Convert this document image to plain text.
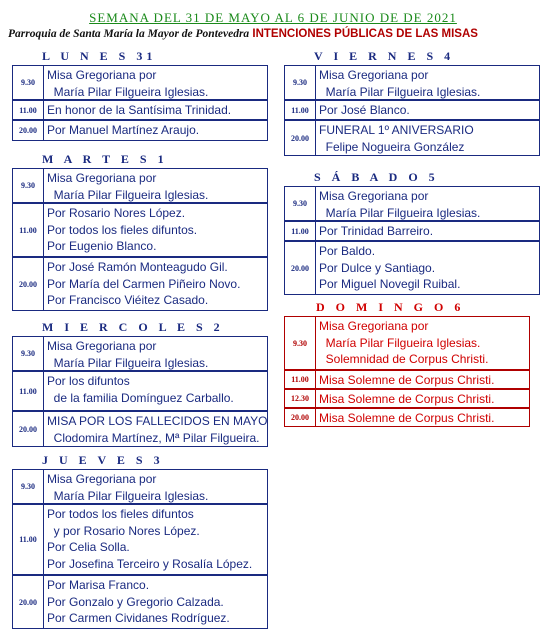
SEMANA DEL 31 DE MAYO AL 6 DE JUNIO DE DE 2021
Parroquia de Santa María la Mayor de Pontevedra INTENCIONES PÚBLICAS DE LAS MISAS
L U N E S 31
9.30
Misa Gregoriana por
María Pilar Filgueira Iglesias.
11.00 En honor de la Santísima Trinidad.
20.00 Por Manuel Martínez Araujo.
M A R T E S 1
9.30
Misa Gregoriana por
María Pilar Filgueira Iglesias.
11.00
Por Rosario Nores López.
Por todos los fieles difuntos.
Por Eugenio Blanco.
20.00
Por José Ramón Monteagudo Gil.
Por María del Carmen Piñeiro Novo.
Por Francisco Viéitez Casado.
M I E R C O L E S 2
9.30
Misa Gregoriana por
María Pilar Filgueira Iglesias.
11.00
Por los difuntos
de la familia Domínguez Carballo.
20.00
MISA POR LOS FALLECIDOS EN MAYO
Clodomira Martínez, Mª Pilar Filgueira.
J U E V E S 3
9.30
Misa Gregoriana por
María Pilar Filgueira Iglesias.
11.00
Por todos los fieles difuntos
y por Rosario Nores López.
Por Celia Solla.
Por Josefina Terceiro y Rosalía López.
20.00
Por Marisa Franco.
Por Gonzalo y Gregorio Calzada.
Por Carmen Cividanes Rodríguez.
V I E R N E S 4
9.30
Misa Gregoriana por
María Pilar Filgueira Iglesias.
11.00 Por José Blanco.
20.00
FUNERAL 1º ANIVERSARIO
Felipe Nogueira González
S Á B A D O 5
9.30
Misa Gregoriana por
María Pilar Filgueira Iglesias.
11.00 Por Trinidad Barreiro.
20.00
Por Baldo.
Por Dulce y Santiago.
Por Miguel Novegil Ruibal.
D O M I N G O 6
9.30
Misa Gregoriana por
María Pilar Filgueira Iglesias.
Solemnidad de Corpus Christi.
11.00 Misa Solemne de Corpus Christi.
12.30 Misa Solemne de Corpus Christi.
20.00 Misa Solemne de Corpus Christi.
